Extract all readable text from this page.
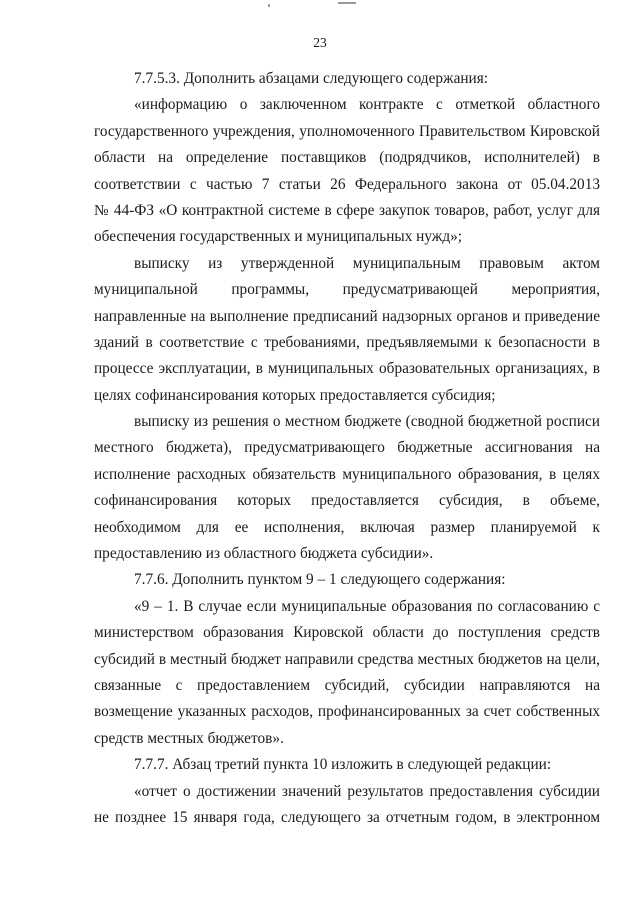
23
7.7.5.3. Дополнить абзацами следующего содержания:
«информацию о заключенном контракте с отметкой областного
государственного учреждения, уполномоченного Правительством Кировской
области на определение поставщиков (подрядчиков, исполнителей) в
соответствии с частью 7 статьи 26 Федерального закона от 05.04.2013
№ 44-ФЗ «О контрактной системе в сфере закупок товаров, работ, услуг для
обеспечения государственных и муниципальных нужд»;
выписку из утвержденной муниципальным правовым актом
муниципальной программы, предусматривающей мероприятия,
направленные на выполнение предписаний надзорных органов и приведение
зданий в соответствие с требованиями, предъявляемыми к безопасности в
процессе эксплуатации, в муниципальных образовательных организациях, в
целях софинансирования которых предоставляется субсидия;
выписку из решения о местном бюджете (сводной бюджетной росписи
местного бюджета), предусматривающего бюджетные ассигнования на
исполнение расходных обязательств муниципального образования, в целях
софинансирования которых предоставляется субсидия, в объеме,
необходимом для ее исполнения, включая размер планируемой к
предоставлению из областного бюджета субсидии».
7.7.6. Дополнить пунктом 9 – 1 следующего содержания:
«9 – 1. В случае если муниципальные образования по согласованию с
министерством образования Кировской области до поступления средств
субсидий в местный бюджет направили средства местных бюджетов на цели,
связанные с предоставлением субсидий, субсидии направляются на
возмещение указанных расходов, профинансированных за счет собственных
средств местных бюджетов».
7.7.7. Абзац третий пункта 10 изложить в следующей редакции:
«отчет о достижении значений результатов предоставления субсидии
не позднее 15 января года, следующего за отчетным годом, в электронном
